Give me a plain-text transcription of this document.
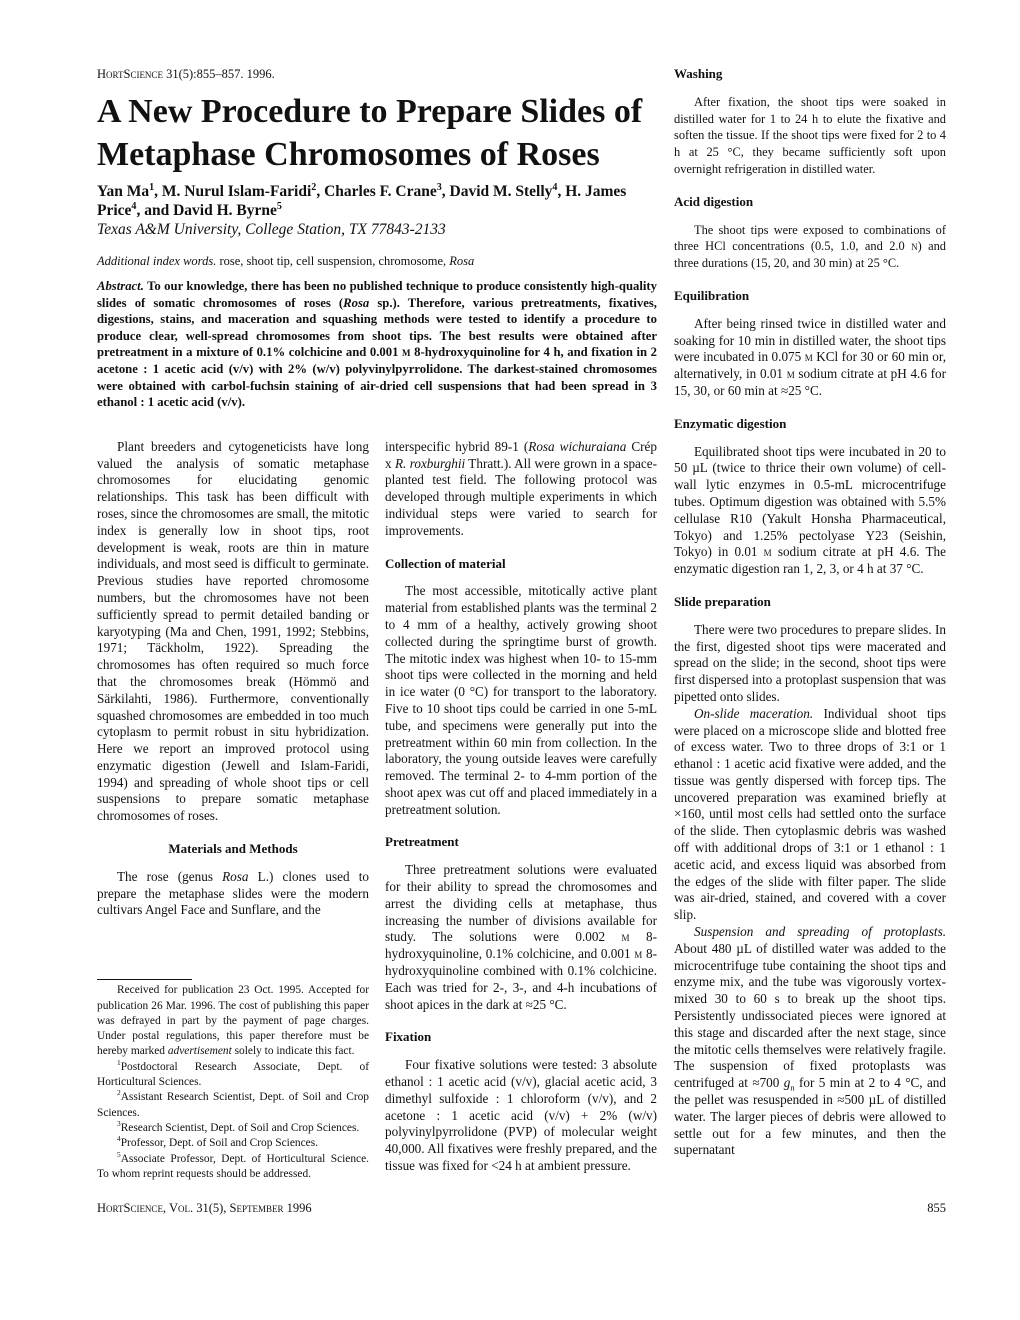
HortScience 31(5):855–857. 1996.
A New Procedure to Prepare Slides of Metaphase Chromosomes of Roses
Yan Ma$^1$, M. Nurul Islam-Faridi$^2$, Charles F. Crane$^3$, David M. Stelly$^4$, H. James Price$^4$, and David H. Byrne$^5$
Texas A&M University, College Station, TX 77843-2133
Additional index words. rose, shoot tip, cell suspension, chromosome, Rosa
Abstract. To our knowledge, there has been no published technique to produce consistently high-quality slides of somatic chromosomes of roses (Rosa sp.). Therefore, various pretreatments, fixatives, digestions, stains, and maceration and squashing methods were tested to identify a procedure to produce clear, well-spread chromosomes from shoot tips. The best results were obtained after pretreatment in a mixture of 0.1% colchicine and 0.001 m 8-hydroxyquinoline for 4 h, and fixation in 2 acetone : 1 acetic acid (v/v) with 2% (w/v) polyvinylpyrrolidone. The darkest-stained chromosomes were obtained with carbol-fuchsin staining of air-dried cell suspensions that had been spread in 3 ethanol : 1 acetic acid (v/v).

Plant breeders and cytogeneticists have long valued the analysis of somatic metaphase chromosomes for elucidating genomic relationships. This task has been difficult with roses, since the chromosomes are small, the mitotic index is generally low in shoot tips, root development is weak, roots are thin in mature individuals, and most seed is difficult to germinate. Previous studies have reported chromosome numbers, but the chromosomes have not been sufficiently spread to permit detailed banding or karyotyping (Ma and Chen, 1991, 1992; Stebbins, 1971; Täckholm, 1922). Spreading the chromosomes has often required so much force that the chromosomes break (Hömmö and Särkilahti, 1986). Furthermore, conventionally squashed chromosomes are embedded in too much cytoplasm to permit robust in situ hybridization. Here we report an improved protocol using enzymatic digestion (Jewell and Islam-Faridi, 1994) and spreading of whole shoot tips or cell suspensions to prepare somatic metaphase chromosomes of roses.

Materials and Methods

The rose (genus Rosa L.) clones used to prepare the metaphase slides were the modern cultivars Angel Face and Sunflare, and the

Received for publication 23 Oct. 1995. Accepted for publication 26 Mar. 1996. The cost of publishing this paper was defrayed in part by the payment of page charges. Under postal regulations, this paper therefore must be hereby marked advertisement solely to indicate this fact.

$^1$Postdoctoral Research Associate, Dept. of Horticultural Sciences.

$^2$Assistant Research Scientist, Dept. of Soil and Crop Sciences.

$^3$Research Scientist, Dept. of Soil and Crop Sciences.

$^4$Professor, Dept. of Soil and Crop Sciences.

$^5$Associate Professor, Dept. of Horticultural Science. To whom reprint requests should be addressed.

interspecific hybrid 89-1 (Rosa wichuraiana Crép x R. roxburghii Thratt.). All were grown in a space-planted test field. The following protocol was developed through multiple experiments in which individual steps were varied to search for improvements.

Collection of material

The most accessible, mitotically active plant material from established plants was the terminal 2 to 4 mm of a healthy, actively growing shoot collected during the springtime burst of growth. The mitotic index was highest when 10- to 15-mm shoot tips were collected in the morning and held in ice water (0 °C) for transport to the laboratory. Five to 10 shoot tips could be carried in one 5-mL tube, and specimens were generally put into the pretreatment within 60 min from collection. In the laboratory, the young outside leaves were carefully removed. The terminal 2- to 4-mm portion of the shoot apex was cut off and placed immediately in a pretreatment solution.

Pretreatment

Three pretreatment solutions were evaluated for their ability to spread the chromosomes and arrest the dividing cells at metaphase, thus increasing the number of divisions available for study. The solutions were 0.002 m 8-hydroxyquinoline, 0.1% colchicine, and 0.001 m 8-hydroxyquinoline combined with 0.1% colchicine. Each was tried for 2-, 3-, and 4-h incubations of shoot apices in the dark at ≈25 °C.

Fixation

Four fixative solutions were tested: 3 absolute ethanol : 1 acetic acid (v/v), glacial acetic acid, 3 dimethyl sulfoxide : 1 chloroform (v/v), and 2 acetone : 1 acetic acid (v/v) + 2% (w/v) polyvinylpyrrolidone (PVP) of molecular weight 40,000. All fixatives were freshly prepared, and the tissue was fixed for <24 h at ambient pressure.

Washing

After fixation, the shoot tips were soaked in distilled water for 1 to 24 h to elute the fixative and soften the tissue. If the shoot tips were fixed for 2 to 4 h at 25 °C, they became sufficiently soft upon overnight refrigeration in distilled water.

Acid digestion

The shoot tips were exposed to combinations of three HCl concentrations (0.5, 1.0, and 2.0 n) and three durations (15, 20, and 30 min) at 25 °C.

Equilibration

After being rinsed twice in distilled water and soaking for 10 min in distilled water, the shoot tips were incubated in 0.075 m KCl for 30 or 60 min or, alternatively, in 0.01 m sodium citrate at pH 4.6 for 15, 30, or 60 min at ≈25 °C.

Enzymatic digestion

Equilibrated shoot tips were incubated in 20 to 50 µL (twice to thrice their own volume) of cell-wall lytic enzymes in 0.5-mL microcentrifuge tubes. Optimum digestion was obtained with 5.5% cellulase R10 (Yakult Honsha Pharmaceutical, Tokyo) and 1.25% pectolyase Y23 (Seishin, Tokyo) in 0.01 m sodium citrate at pH 4.6. The enzymatic digestion ran 1, 2, 3, or 4 h at 37 °C.

Slide preparation

There were two procedures to prepare slides. In the first, digested shoot tips were macerated and spread on the slide; in the second, shoot tips were first dispersed into a protoplast suspension that was pipetted onto slides.

On-slide maceration. Individual shoot tips were placed on a microscope slide and blotted free of excess water. Two to three drops of 3:1 or 1 ethanol : 1 acetic acid fixative were added, and the tissue was gently dispersed with forcep tips. The uncovered preparation was examined briefly at ×160, until most cells had settled onto the surface of the slide. Then cytoplasmic debris was washed off with additional drops of 3:1 or 1 ethanol : 1 acetic acid, and excess liquid was absorbed from the edges of the slide with filter paper. The slide was air-dried, stained, and covered with a cover slip.

Suspension and spreading of protoplasts. About 480 µL of distilled water was added to the microcentrifuge tube containing the shoot tips and enzyme mix, and the tube was vigorously vortex-mixed 30 to 60 s to break up the shoot tips. Persistently undissociated pieces were ignored at this stage and discarded after the next stage, since the mitotic cells themselves were relatively fragile. The suspension of fixed protoplasts was centrifuged at ≈700 $g_n$ for 5 min at 2 to 4 °C, and the pellet was resuspended in ≈500 µL of distilled water. The larger pieces of debris were allowed to settle out for a few minutes, and then the supernatant

HortScience, Vol. 31(5), September 1996	855
